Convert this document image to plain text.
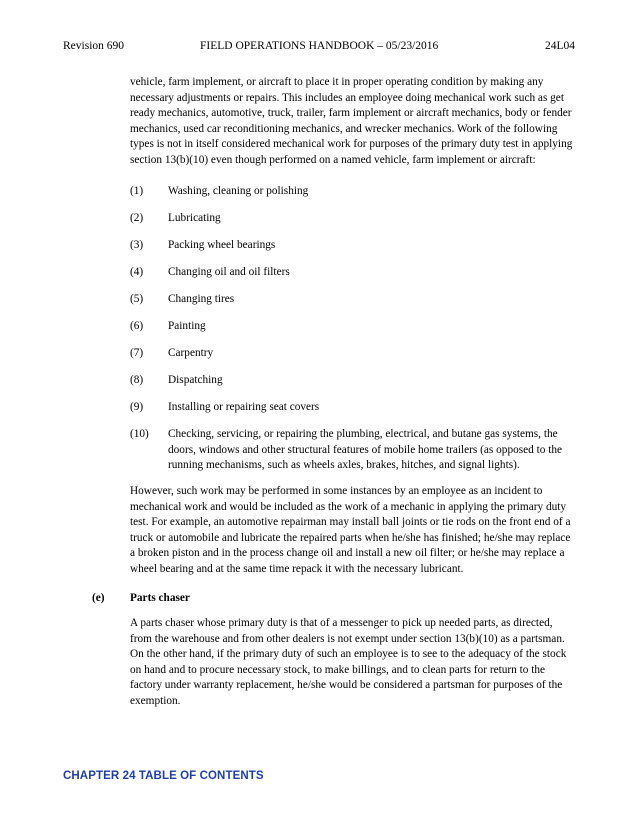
Revision 690	FIELD OPERATIONS HANDBOOK – 05/23/2016	24L04

vehicle, farm implement, or aircraft to place it in proper operating condition by making any necessary adjustments or repairs. This includes an employee doing mechanical work such as get ready mechanics, automotive, truck, trailer, farm implement or aircraft mechanics, body or fender mechanics, used car reconditioning mechanics, and wrecker mechanics. Work of the following types is not in itself considered mechanical work for purposes of the primary duty test in applying section 13(b)(10) even though performed on a named vehicle, farm implement or aircraft:

(1) Washing, cleaning or polishing
(2) Lubricating
(3) Packing wheel bearings
(4) Changing oil and oil filters
(5) Changing tires
(6) Painting
(7) Carpentry
(8) Dispatching
(9) Installing or repairing seat covers
(10) Checking, servicing, or repairing the plumbing, electrical, and butane gas systems, the doors, windows and other structural features of mobile home trailers (as opposed to the running mechanisms, such as wheels axles, brakes, hitches, and signal lights).

However, such work may be performed in some instances by an employee as an incident to mechanical work and would be included as the work of a mechanic in applying the primary duty test. For example, an automotive repairman may install ball joints or tie rods on the front end of a truck or automobile and lubricate the repaired parts when he/she has finished; he/she may replace a broken piston and in the process change oil and install a new oil filter; or he/she may replace a wheel bearing and at the same time repack it with the necessary lubricant.

(e) Parts chaser

A parts chaser whose primary duty is that of a messenger to pick up needed parts, as directed, from the warehouse and from other dealers is not exempt under section 13(b)(10) as a partsman. On the other hand, if the primary duty of such an employee is to see to the adequacy of the stock on hand and to procure necessary stock, to make billings, and to clean parts for return to the factory under warranty replacement, he/she would be considered a partsman for purposes of the exemption.

CHAPTER 24 TABLE OF CONTENTS
